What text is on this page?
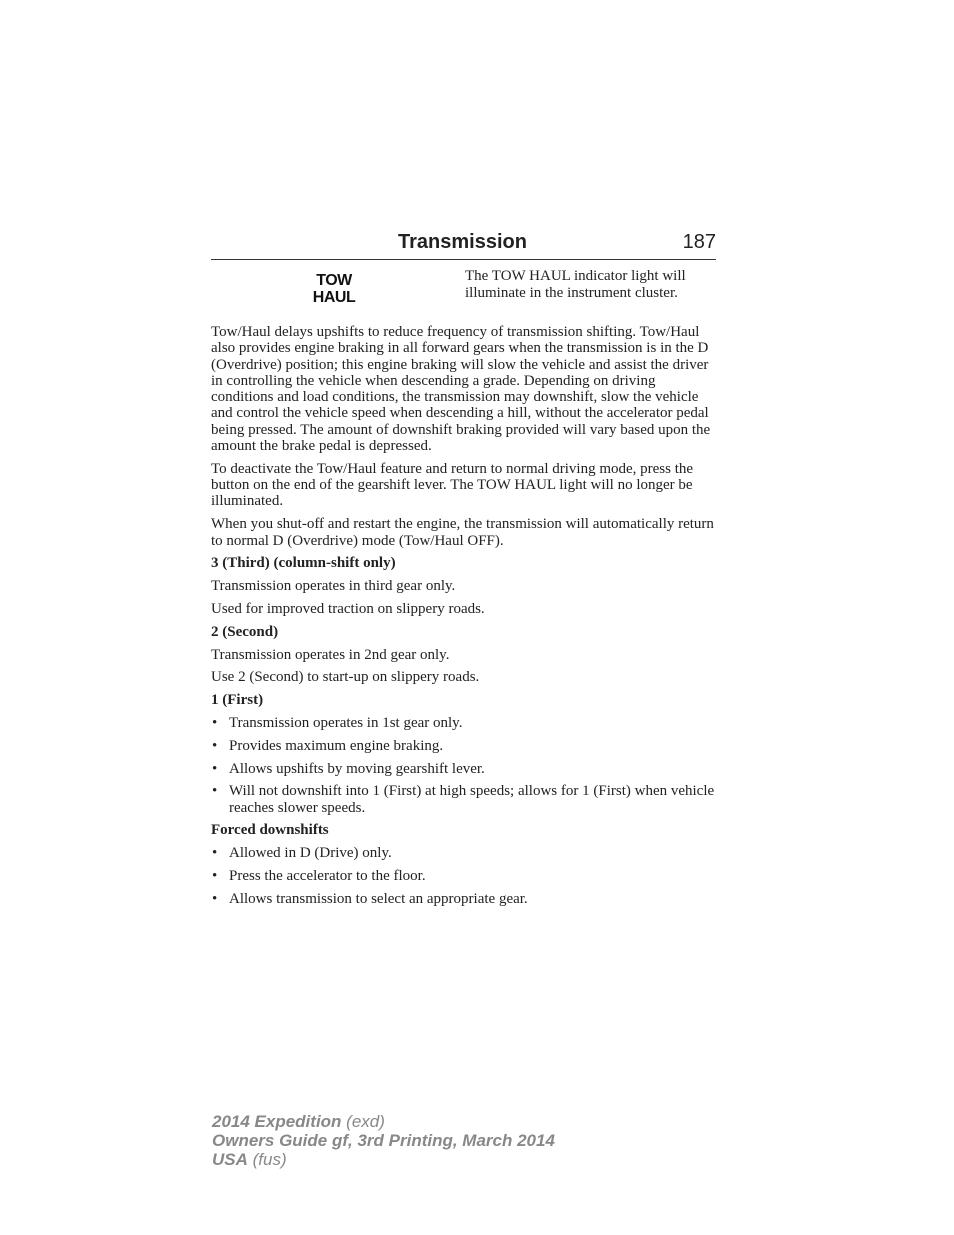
Transmission	187
TOW
HAUL
The TOW HAUL indicator light will illuminate in the instrument cluster.

Tow/Haul delays upshifts to reduce frequency of transmission shifting. Tow/Haul also provides engine braking in all forward gears when the transmission is in the D (Overdrive) position; this engine braking will slow the vehicle and assist the driver in controlling the vehicle when descending a grade. Depending on driving conditions and load conditions, the transmission may downshift, slow the vehicle and control the vehicle speed when descending a hill, without the accelerator pedal being pressed. The amount of downshift braking provided will vary based upon the amount the brake pedal is depressed.

To deactivate the Tow/Haul feature and return to normal driving mode, press the button on the end of the gearshift lever. The TOW HAUL light will no longer be illuminated.

When you shut-off and restart the engine, the transmission will automatically return to normal D (Overdrive) mode (Tow/Haul OFF).

3 (Third) (column-shift only)

Transmission operates in third gear only.

Used for improved traction on slippery roads.

2 (Second)

Transmission operates in 2nd gear only.

Use 2 (Second) to start-up on slippery roads.

1 (First)
• Transmission operates in 1st gear only.
• Provides maximum engine braking.
• Allows upshifts by moving gearshift lever.
• Will not downshift into 1 (First) at high speeds; allows for 1 (First) when vehicle reaches slower speeds.
Forced downshifts
• Allowed in D (Drive) only.
• Press the accelerator to the floor.
• Allows transmission to select an appropriate gear.
2014 Expedition (exd)
Owners Guide gf, 3rd Printing, March 2014
USA (fus)
